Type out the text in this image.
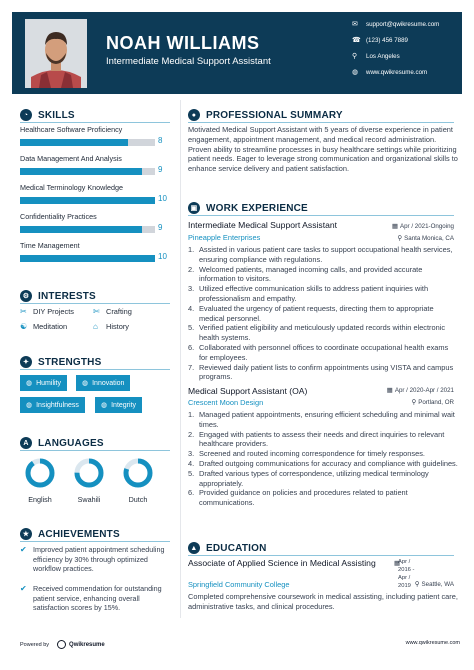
NOAH WILLIAMS
Intermediate Medical Support Assistant
✉	support@qwikresume.com
☎ (123) 456 7889
⚲	Los Angeles
◍	www.qwikresume.com
◔ SKILLS
Healthcare Software Proficiency
8
Data Management And Analysis
9
Medical Terminology Knowledge
10
Confidentiality Practices
9
Time Management
10
⚙ INTERESTS
✂ DIY Projects ✄ Crafting
☯ Meditation	⌂	History
✦ STRENGTHS
◍ Humility	◍ Innovation
◍ Insightfulness	◍ Integrity
A LANGUAGES
English	Swahili	Dutch
★ ACHIEVEMENTS
✔ Improved patient appointment scheduling efficiency by 30% through optimized workflow practices.
✔ Received commendation for outstanding patient service, enhancing overall satisfaction scores by 15%.
● PROFESSIONAL SUMMARY
Motivated Medical Support Assistant with 5 years of diverse experience in patient engagement, appointment management, and medical record administration. Proven ability to streamline processes in busy healthcare settings while prioritizing patient needs. Eager to leverage strong communication and organizational skills to enhance service delivery and patient satisfaction.
▣ WORK EXPERIENCE
Intermediate Medical Support Assistant
Pineapple Enterprises
▦ Apr / 2021-Ongoing
⚲ Santa Monica, CA
1. Assisted in various patient care tasks to support occupational health services, ensuring compliance with regulations.
2. Welcomed patients, managed incoming calls, and provided accurate information to visitors.
3. Utilized effective communication skills to address patient inquiries with professionalism and empathy.
4. Evaluated the urgency of patient requests, directing them to appropriate medical personnel.
5. Verified patient eligibility and meticulously updated records within electronic health systems.
6. Collaborated with personnel offices to coordinate occupational health exams for employees.
7. Reviewed daily patient lists to confirm appointments using VISTA and campus programs.
Medical Support Assistant (OA)
Crescent Moon Design
▦ Apr / 2020-Apr / 2021
⚲ Portland, OR
1. Managed patient appointments, ensuring efficient scheduling and minimal wait times.
2. Engaged with patients to assess their needs and direct inquiries to relevant healthcare providers.
3. Screened and routed incoming correspondence for timely responses.
4. Drafted outgoing communications for accuracy and compliance with guidelines.
5. Drafted various types of correspondence, utilizing medical terminology appropriately.
6. Provided guidance on policies and procedures related to patient communications.
▲ EDUCATION
Associate of Applied Science in Medical Assisting
Springfield Community College
▦
Apr / 2016 - Apr / 2019 ⚲ Seattle, WA
Completed comprehensive coursework in medical assisting, including patient care, administrative tasks, and clinical procedures.
Powered by	Qwikresume	www.qwikresume.com
